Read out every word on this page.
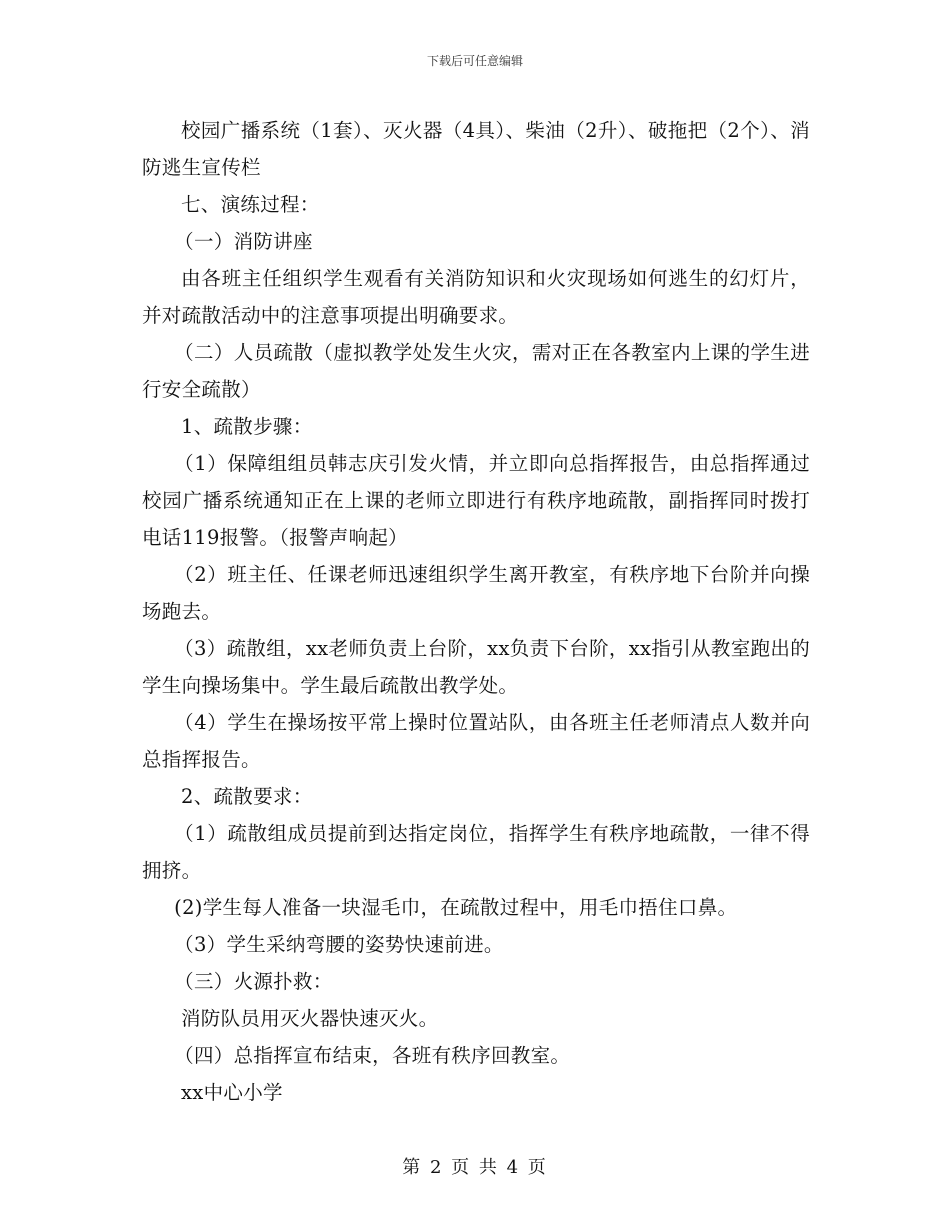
下载后可任意编辑

校园广播系统（1套）、灭火器（4具）、柴油（2升）、破拖把（2个）、消防逃生宣传栏

七、演练过程：

（一）消防讲座

由各班主任组织学生观看有关消防知识和火灾现场如何逃生的幻灯片，并对疏散活动中的注意事项提出明确要求。

（二）人员疏散（虚拟教学处发生火灾，需对正在各教室内上课的学生进行安全疏散）

1、疏散步骤：

（1）保障组组员韩志庆引发火情，并立即向总指挥报告，由总指挥通过校园广播系统通知正在上课的老师立即进行有秩序地疏散，副指挥同时拨打电话119报警。（报警声响起）

（2）班主任、任课老师迅速组织学生离开教室，有秩序地下台阶并向操场跑去。

（3）疏散组，xx老师负责上台阶，xx负责下台阶，xx指引从教室跑出的学生向操场集中。学生最后疏散出教学处。

（4）学生在操场按平常上操时位置站队，由各班主任老师清点人数并向总指挥报告。

2、疏散要求：

（1）疏散组成员提前到达指定岗位，指挥学生有秩序地疏散，一律不得拥挤。

(2)学生每人准备一块湿毛巾，在疏散过程中，用毛巾捂住口鼻。

（3）学生采纳弯腰的姿势快速前进。

（三）火源扑救：

消防队员用灭火器快速灭火。

（四）总指挥宣布结束，各班有秩序回教室。

xx中心小学

第 2 页 共 4 页
